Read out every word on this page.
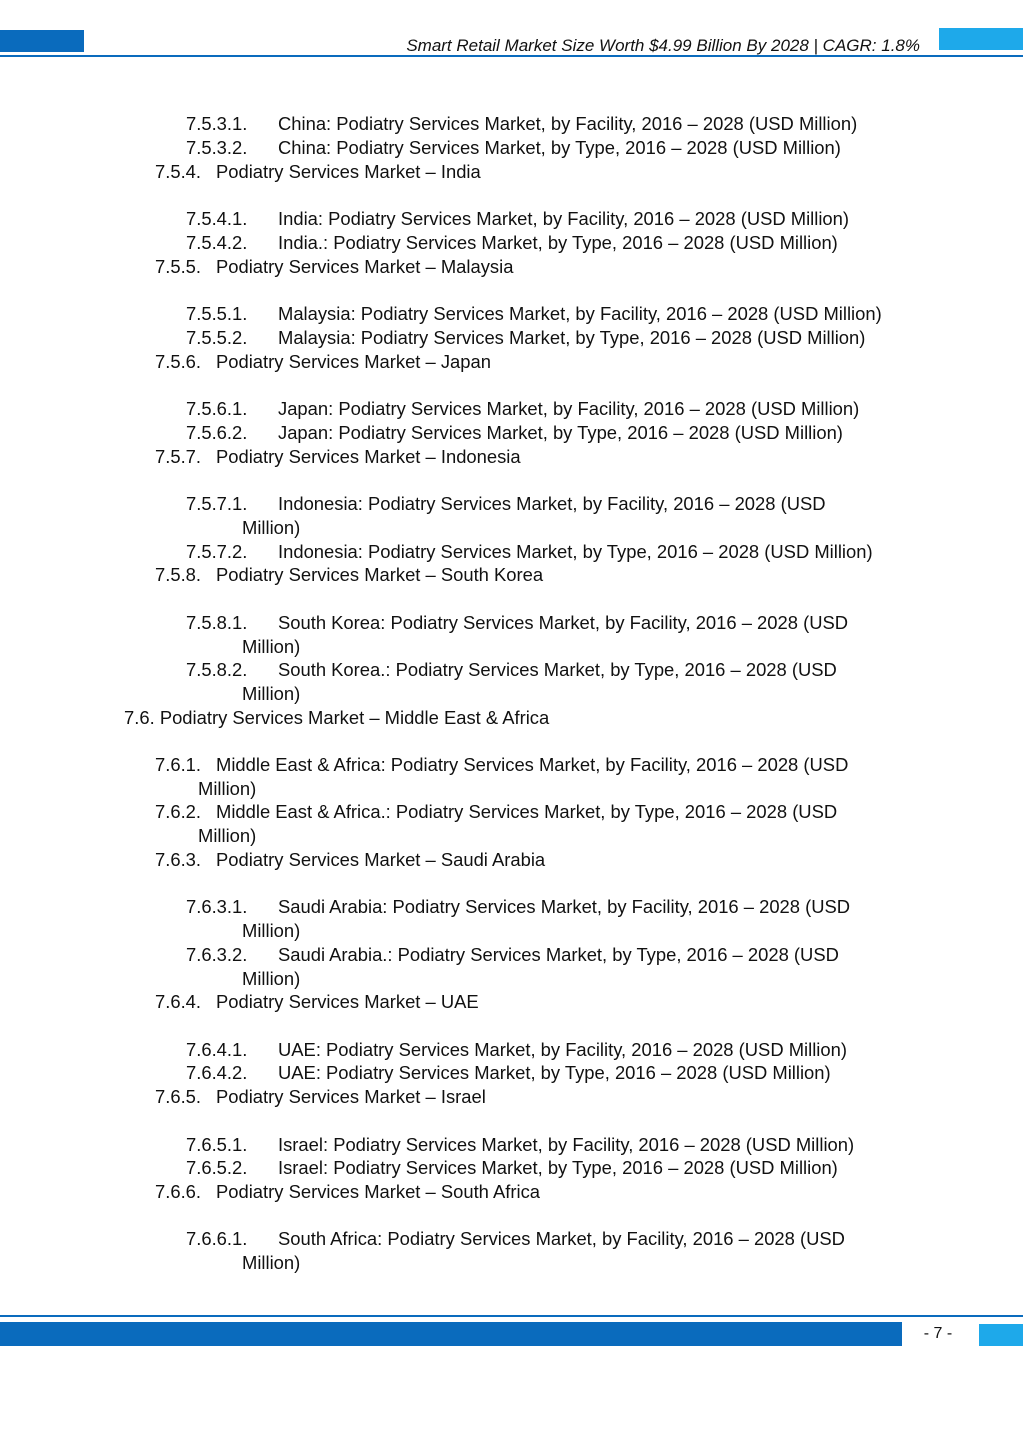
Smart Retail Market Size Worth $4.99 Billion By 2028 | CAGR: 1.8%

7.5.3.1. China: Podiatry Services Market, by Facility, 2016 – 2028 (USD Million)

7.5.3.2. China: Podiatry Services Market, by Type, 2016 – 2028 (USD Million)

7.5.4. Podiatry Services Market – India

7.5.4.1. India: Podiatry Services Market, by Facility, 2016 – 2028 (USD Million)

7.5.4.2. India.: Podiatry Services Market, by Type, 2016 – 2028 (USD Million)

7.5.5. Podiatry Services Market – Malaysia

7.5.5.1. Malaysia: Podiatry Services Market, by Facility, 2016 – 2028 (USD Million)

7.5.5.2. Malaysia: Podiatry Services Market, by Type, 2016 – 2028 (USD Million)

7.5.6. Podiatry Services Market – Japan

7.5.6.1. Japan: Podiatry Services Market, by Facility, 2016 – 2028 (USD Million)

7.5.6.2. Japan: Podiatry Services Market, by Type, 2016 – 2028 (USD Million)

7.5.7. Podiatry Services Market – Indonesia

7.5.7.1. Indonesia: Podiatry Services Market, by Facility, 2016 – 2028 (USD

Million)

7.5.7.2. Indonesia: Podiatry Services Market, by Type, 2016 – 2028 (USD Million)

7.5.8. Podiatry Services Market – South Korea

7.5.8.1. South Korea: Podiatry Services Market, by Facility, 2016 – 2028 (USD

Million)

7.5.8.2. South Korea.: Podiatry Services Market, by Type, 2016 – 2028 (USD

Million)

7.6. Podiatry Services Market – Middle East & Africa

7.6.1. Middle East & Africa: Podiatry Services Market, by Facility, 2016 – 2028 (USD

Million)

7.6.2. Middle East & Africa.: Podiatry Services Market, by Type, 2016 – 2028 (USD

Million)

7.6.3. Podiatry Services Market – Saudi Arabia

7.6.3.1. Saudi Arabia: Podiatry Services Market, by Facility, 2016 – 2028 (USD

Million)

7.6.3.2. Saudi Arabia.: Podiatry Services Market, by Type, 2016 – 2028 (USD

Million)

7.6.4. Podiatry Services Market – UAE

7.6.4.1. UAE: Podiatry Services Market, by Facility, 2016 – 2028 (USD Million)

7.6.4.2. UAE: Podiatry Services Market, by Type, 2016 – 2028 (USD Million)

7.6.5. Podiatry Services Market – Israel

7.6.5.1. Israel: Podiatry Services Market, by Facility, 2016 – 2028 (USD Million)

7.6.5.2. Israel: Podiatry Services Market, by Type, 2016 – 2028 (USD Million)

7.6.6. Podiatry Services Market – South Africa

7.6.6.1. South Africa: Podiatry Services Market, by Facility, 2016 – 2028 (USD

Million)

- 7 -
